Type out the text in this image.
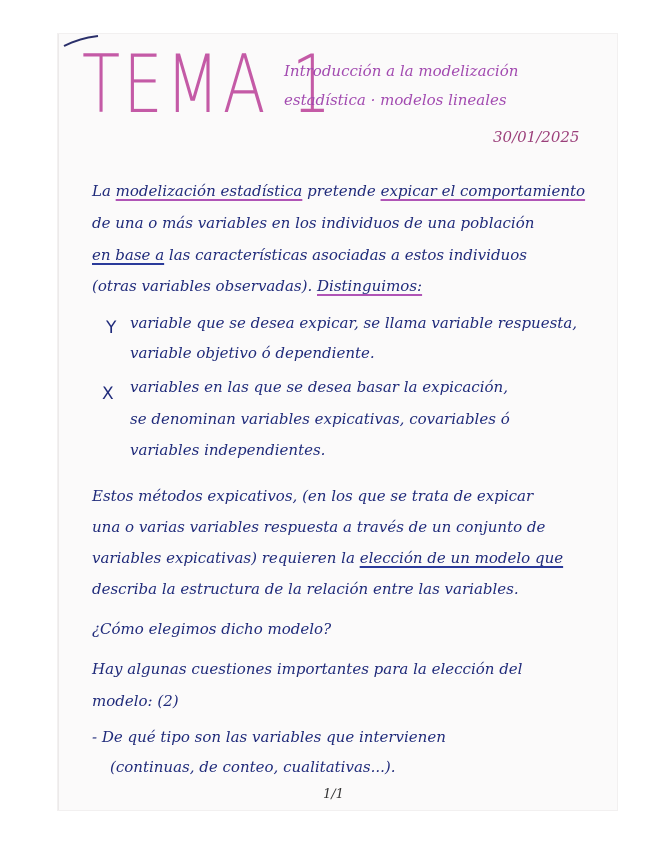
TEMA 1
Introducción a la modelización
estadística · modelos lineales
30/01/2025
La modelización estadística pretende expicar el comportamiento
de una o más variables en los individuos de una población
en base a las características asociadas a estos individuos
(otras variables observadas). Distinguimos:
Y variable que se desea expicar, se llama variable respuesta,
variable objetivo ó dependiente.
X variables en las que se desea basar la expicación,
se denominan variables expicativas, covariables ó
variables independientes.
Estos métodos expicativos, (en los que se trata de expicar
una o varias variables respuesta a través de un conjunto de
variables expicativas) requieren la elección de un modelo que
describa la estructura de la relación entre las variables.
¿Cómo elegimos dicho modelo?
Hay algunas cuestiones importantes para la elección del
modelo: (2)
- De qué tipo son las variables que intervienen
(continuas, de conteo, cualitativas...).
1/1
